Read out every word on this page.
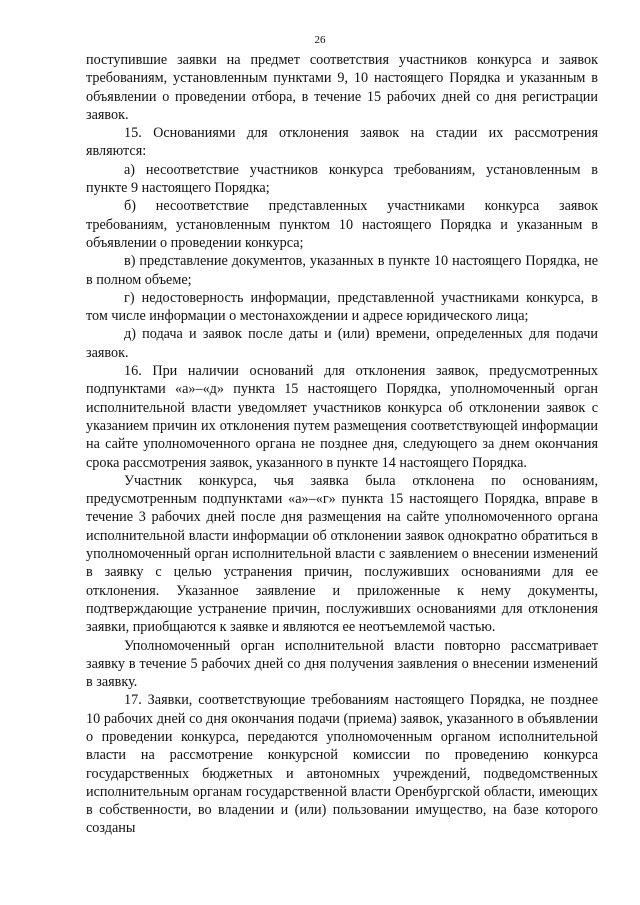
26

поступившие заявки на предмет соответствия участников конкурса и заявок требованиям, установленным пунктами 9, 10 настоящего Порядка и указанным в объявлении о проведении отбора, в течение 15 рабочих дней со дня регистрации заявок.

15. Основаниями для отклонения заявок на стадии их рассмотрения являются:

а) несоответствие участников конкурса требованиям, установленным в пункте 9 настоящего Порядка;

б) несоответствие представленных участниками конкурса заявок требованиям, установленным пунктом 10 настоящего Порядка и указанным в объявлении о проведении конкурса;

в) представление документов, указанных в пункте 10 настоящего Порядка, не в полном объеме;

г) недостоверность информации, представленной участниками конкурса, в том числе информации о местонахождении и адресе юридического лица;

д) подача и заявок после даты и (или) времени, определенных для подачи заявок.

16. При наличии оснований для отклонения заявок, предусмотренных подпунктами «а»–«д» пункта 15 настоящего Порядка, уполномоченный орган исполнительной власти уведомляет участников конкурса об отклонении заявок с указанием причин их отклонения путем размещения соответствующей информации на сайте уполномоченного органа не позднее дня, следующего за днем окончания срока рассмотрения заявок, указанного в пункте 14 настоящего Порядка.

Участник конкурса, чья заявка была отклонена по основаниям, предусмотренным подпунктами «а»–«г» пункта 15 настоящего Порядка, вправе в течение 3 рабочих дней после дня размещения на сайте уполномоченного органа исполнительной власти информации об отклонении заявок однократно обратиться в уполномоченный орган исполнительной власти с заявлением о внесении изменений в заявку с целью устранения причин, послуживших основаниями для ее отклонения. Указанное заявление и приложенные к нему документы, подтверждающие устранение причин, послуживших основаниями для отклонения заявки, приобщаются к заявке и являются ее неотъемлемой частью.

Уполномоченный орган исполнительной власти повторно рассматривает заявку в течение 5 рабочих дней со дня получения заявления о внесении изменений в заявку.

17. Заявки, соответствующие требованиям настоящего Порядка, не позднее 10 рабочих дней со дня окончания подачи (приема) заявок, указанного в объявлении о проведении конкурса, передаются уполномоченным органом исполнительной власти на рассмотрение конкурсной комиссии по проведению конкурса государственных бюджетных и автономных учреждений, подведомственных исполнительным органам государственной власти Оренбургской области, имеющих в собственности, во владении и (или) пользовании имущество, на базе которого созданы
